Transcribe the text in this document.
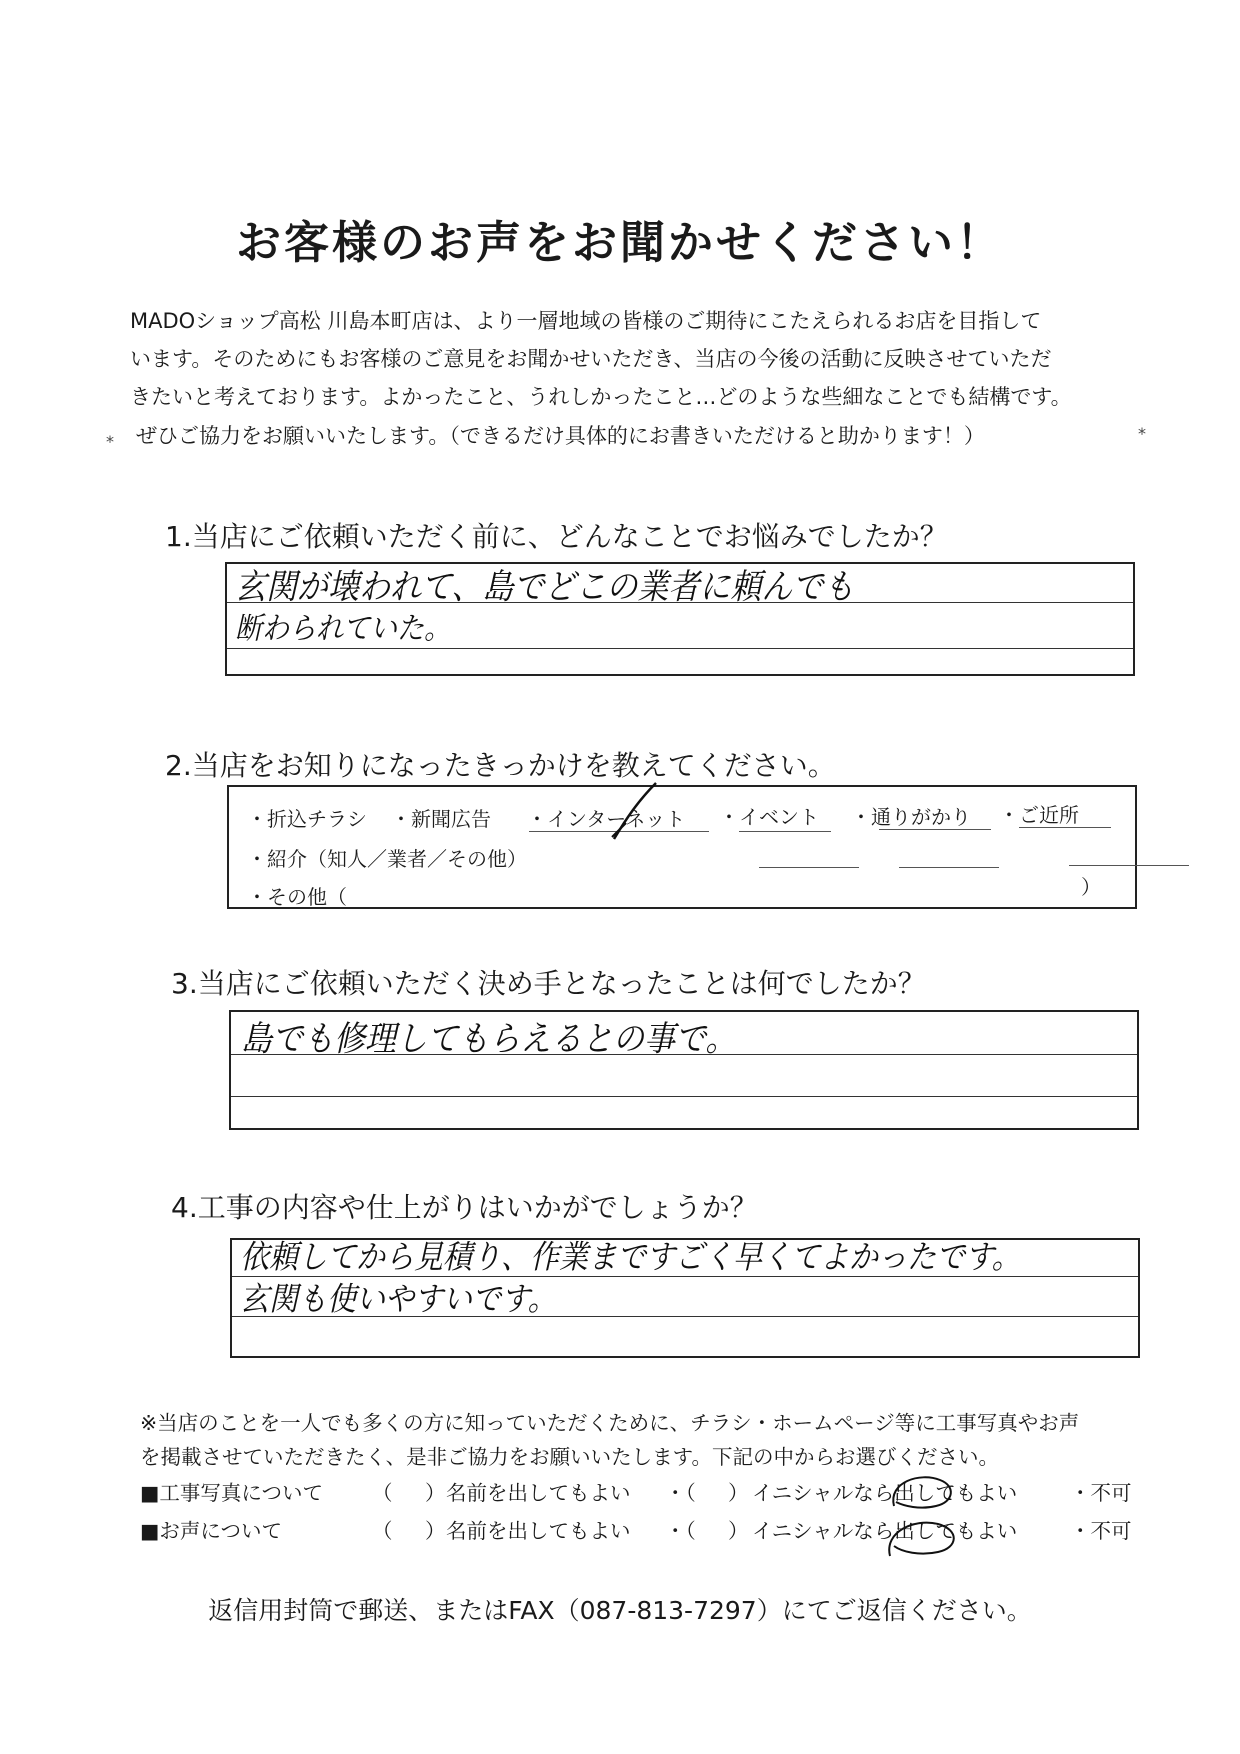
お客様のお声をお聞かせください！
MADOショップ高松 川島本町店は、より一層地域の皆様のご期待にこたえられるお店を目指して
います。そのためにもお客様のご意見をお聞かせいただき、当店の今後の活動に反映させていただ
きたいと考えております。よかったこと、うれしかったこと…どのような些細なことでも結構です。
ぜひご協力をお願いいたします。（できるだけ具体的にお書きいただけると助かります！）
*	*
1.当店にご依頼いただく前に、どんなことでお悩みでしたか？
玄関が壊われて、島でどこの業者に頼んでも
断わられていた。
2.当店をお知りになったきっかけを教えてください。
・折込チラシ ・新聞広告 ・インターネット ・イベント ・通りがかり ・ご近所
・紹介（知人／業者／その他）
・その他（	）
3.当店にご依頼いただく決め手となったことは何でしたか？
島でも修理してもらえるとの事で。
4.工事の内容や仕上がりはいかがでしょうか？
依頼してから見積り、作業まですごく早くてよかったです。
玄関も使いやすいです。
※当店のことを一人でも多くの方に知っていただくために、チラシ・ホームページ等に工事写真やお声
を掲載させていただきたく、是非ご協力をお願いいたします。下記の中からお選びください。
■工事写真について （ ） 名前を出してもよい ・（ ） イニシャルなら出してもよい	・不可
■お声について	（ ） 名前を出してもよい ・（ ） イニシャルなら出してもよい	・不可
返信用封筒で郵送、またはFAX（087-813-7297）にてご返信ください。
